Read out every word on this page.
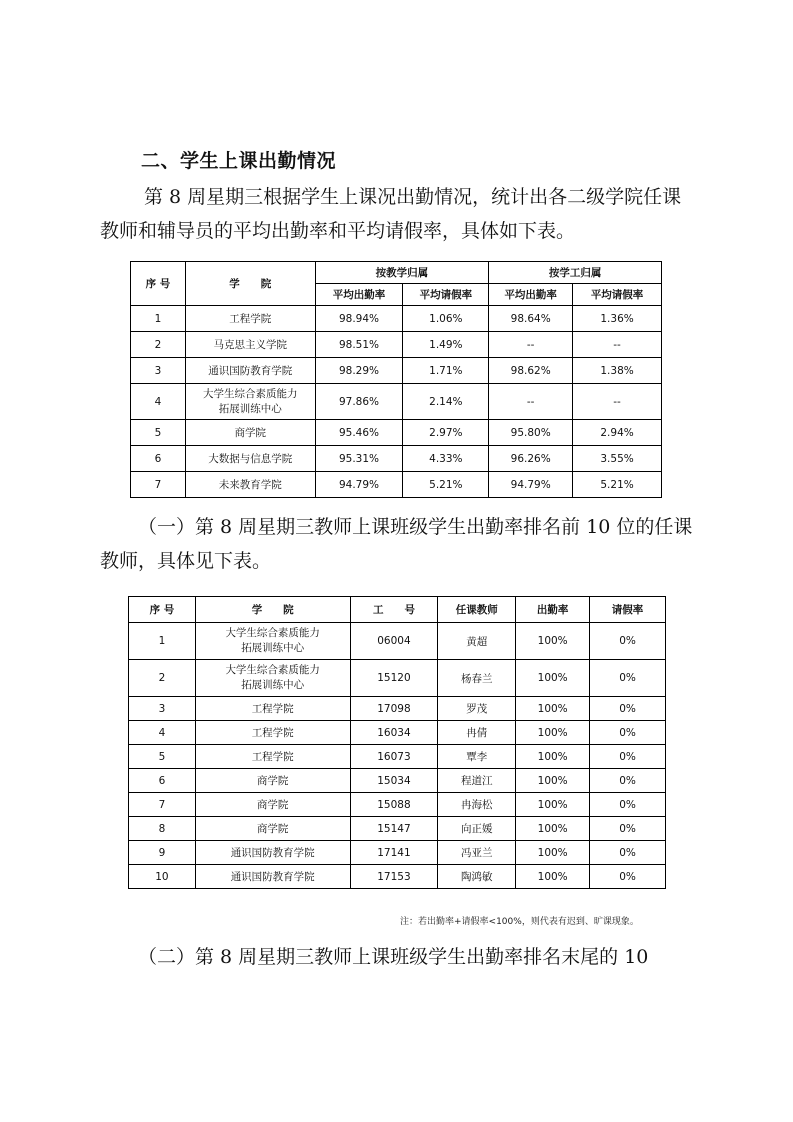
二、学生上课出勤情况
第 8 周星期三根据学生上课况出勤情况，统计出各二级学院任课教师和辅导员的平均出勤率和平均请假率，具体如下表。
序 号	学　　院	按教学归属		按学工归属	
		平均出勤率	平均请假率	平均出勤率	平均请假率
1	工程学院	98.94%	1.06%	98.64%	1.36%
2	马克思主义学院	98.51%	1.49%	--	--
3	通识国防教育学院	98.29%	1.71%	98.62%	1.38%
4	大学生综合素质能力
拓展训练中心	97.86%	2.14%	--	--
5	商学院	95.46%	2.97%	95.80%	2.94%
6	大数据与信息学院	95.31%	4.33%	96.26%	3.55%
7	未来教育学院	94.79%	5.21%	94.79%	5.21%
（一）第 8 周星期三教师上课班级学生出勤率排名前 10 位的任课教师，具体见下表。
序 号	学　　院	工　　号	任课教师	出勤率	请假率
1	大学生综合素质能力
拓展训练中心	06004	黄超	100%	0%
2	大学生综合素质能力
拓展训练中心	15120	杨春兰	100%	0%
3	工程学院	17098	罗茂	100%	0%
4	工程学院	16034	冉倩	100%	0%
5	工程学院	16073	覃李	100%	0%
6	商学院	15034	程道江	100%	0%
7	商学院	15088	冉海松	100%	0%
8	商学院	15147	向正媛	100%	0%
9	通识国防教育学院	17141	冯亚兰	100%	0%
10	通识国防教育学院	17153	陶鸿敏	100%	0%
注：若出勤率+请假率<100%，则代表有迟到、旷课现象。
（二）第 8 周星期三教师上课班级学生出勤率排名末尾的 10
